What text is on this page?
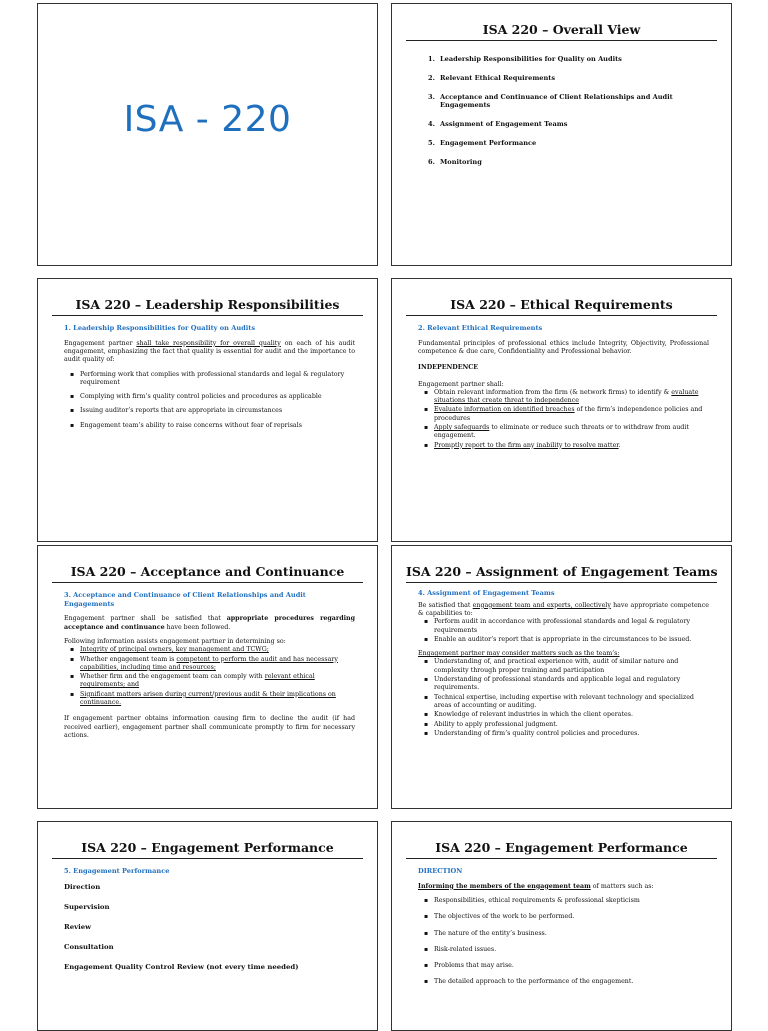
ISA - 220
ISA 220 – Overall View
1. Leadership Responsibilities for Quality on Audits
2. Relevant Ethical Requirements
3. Acceptance and Continuance of Client Relationships and Audit Engagements
4. Assignment of Engagement Teams
5. Engagement Performance
6. Monitoring
ISA 220 – Leadership Responsibilities
1. Leadership Responsibilities for Quality on Audits
Engagement partner shall take responsibility for overall quality on each of his audit engagement, emphasizing the fact that quality is essential for audit and the importance to audit quality of:
▪ Performing work that complies with professional standards and legal & regulatory requirement
▪ Complying with firm’s quality control policies and procedures as applicable
▪ Issuing auditor’s reports that are appropriate in circumstances
▪ Engagement team’s ability to raise concerns without fear of reprisals
ISA 220 – Ethical Requirements
2. Relevant Ethical Requirements
Fundamental principles of professional ethics include Integrity, Objectivity, Professional competence & due care, Confidentiality and Professional behavior.
INDEPENDENCE
Engagement partner shall:
▪ Obtain relevant information from the firm (& network firms) to identify & evaluate situations that create threat to independence
▪ Evaluate information on identified breaches of the firm’s independence policies and procedures
▪ Apply safeguards to eliminate or reduce such threats or to withdraw from audit engagement.
▪ Promptly report to the firm any inability to resolve matter.
ISA 220 – Acceptance and Continuance
3. Acceptance and Continuance of Client Relationships and Audit Engagements
Engagement partner shall be satisfied that appropriate procedures regarding acceptance and continuance have been followed.
Following information assists engagement partner in determining so:
▪ Integrity of principal owners, key management and TCWG;
▪ Whether engagement team is competent to perform the audit and has necessary capabilities, including time and resources;
▪ Whether firm and the engagement team can comply with relevant ethical requirements; and
▪ Significant matters arisen during current/previous audit & their implications on continuance.
If engagement partner obtains information causing firm to decline the audit (if had received earlier), engagement partner shall communicate promptly to firm for necessary actions.
ISA 220 – Assignment of Engagement Teams
4. Assignment of Engagement Teams
Be satisfied that engagement team and experts, collectively have appropriate competence & capabilities to:
▪ Perform audit in accordance with professional standards and legal & regulatory requirements
▪ Enable an auditor’s report that is appropriate in the circumstances to be issued.
Engagement partner may consider matters such as the team’s:
▪ Understanding of, and practical experience with, audit of similar nature and complexity through proper training and participation
▪ Understanding of professional standards and applicable legal and regulatory requirements.
▪ Technical expertise, including expertise with relevant technology and specialized areas of accounting or auditing.
▪ Knowledge of relevant industries in which the client operates.
▪ Ability to apply professional judgment.
▪ Understanding of firm’s quality control policies and procedures.
ISA 220 – Engagement Performance
5. Engagement Performance
Direction
Supervision
Review
Consultation
Engagement Quality Control Review (not every time needed)
ISA 220 – Engagement Performance
DIRECTION
Informing the members of the engagement team of matters such as:
▪ Responsibilities, ethical requirements & professional skepticism
▪ The objectives of the work to be performed.
▪ The nature of the entity’s business.
▪ Risk-related issues.
▪ Problems that may arise.
▪ The detailed approach to the performance of the engagement.
